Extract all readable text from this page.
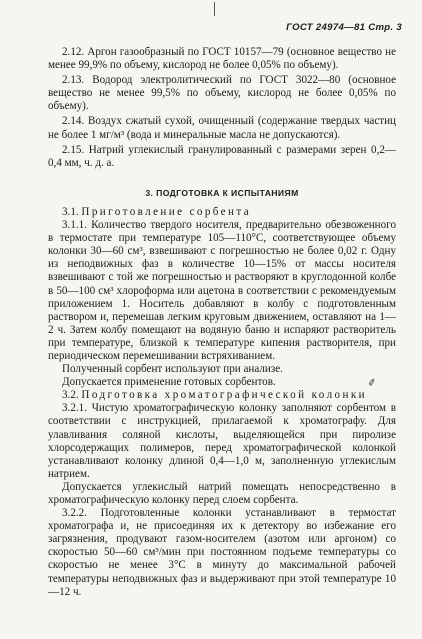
ГОСТ 24974—81 Стр. 3
✐

2.12. Аргон газообразный по ГОСТ 10157—79 (основное вещество не менее 99,9% по объему, кислород не более 0,05% по объему).

2.13. Водород электролитический по ГОСТ 3022—80 (основное вещество не менее 99,5% по объему, кислород не более 0,05% по объему).

2.14. Воздух сжатый сухой, очищенный (содержание твердых частиц не более 1 мг/м³ (вода и минеральные масла не допускаются).

2.15. Натрий углекислый гранулированный с размерами зерен 0,2—0,4 мм, ч. д. а.

3. ПОДГОТОВКА К ИСПЫТАНИЯМ

3.1. Приготовление сорбента

3.1.1. Количество твердого носителя, предварительно обезвоженного в термостате при температуре 105—110°С, соответствующее объему колонки 30—60 см³, взвешивают с погрешностью не более 0,02 г. Одну из неподвижных фаз в количестве 10—15% от массы носителя взвешивают с той же погрешностью и растворяют в круглодонной колбе в 50—100 см³ хлороформа или ацетона в соответствии с рекомендуемым приложением 1. Носитель добавляют в колбу с подготовленным раствором и, перемешав легким круговым движением, оставляют на 1—2 ч. Затем колбу помещают на водяную баню и испаряют растворитель при температуре, близкой к температуре кипения растворителя, при периодическом перемешивании встряхиванием.

Полученный сорбент используют при анализе.

Допускается применение готовых сорбентов.

3.2. Подготовка хроматографической колонки

3.2.1. Чистую хроматографическую колонку заполняют сорбентом в соответствии с инструкцией, прилагаемой к хроматографу. Для улавливания соляной кислоты, выделяющейся при пиролизе хлорсодержащих полимеров, перед хроматографической колонкой устанавливают колонку длиной 0,4—1,0 м, заполненную углекислым натрием.

Допускается углекислый натрий помещать непосредственно в хроматографическую колонку перед слоем сорбента.

3.2.2. Подготовленные колонки устанавливают в термостат хроматографа и, не присоединяя их к детектору во избежание его загрязнения, продувают газом-носителем (азотом или аргоном) со скоростью 50—60 см³/мин при постоянном подъеме температуры со скоростью не менее 3°С в минуту до максимальной рабочей температуры неподвижных фаз и выдерживают при этой температуре 10—12 ч.
